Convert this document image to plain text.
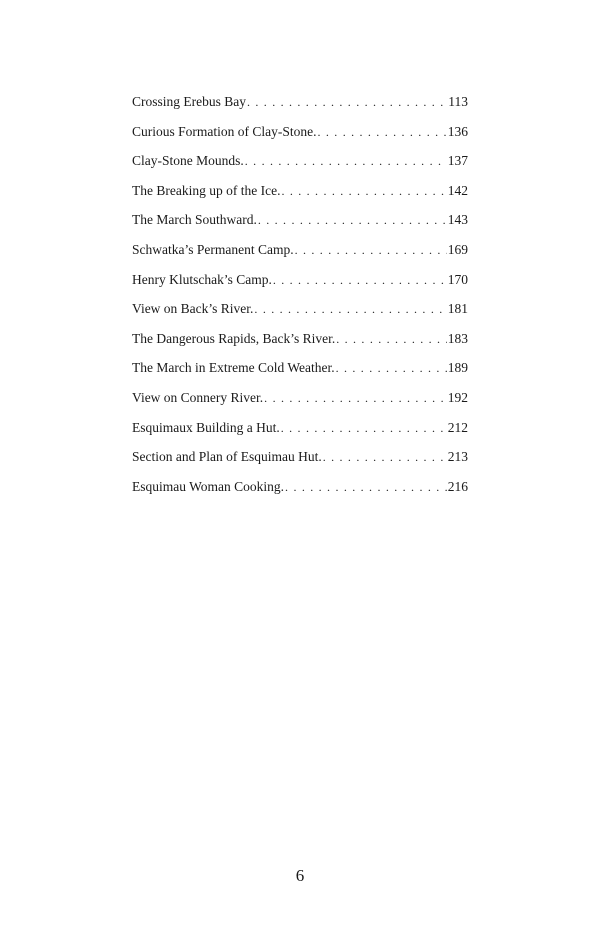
Crossing Erebus Bay . . .	113
Curious Formation of Clay-Stone. . . .	136
Clay-Stone Mounds. . . .	137
The Breaking up of the Ice. . . .	142
The March Southward. . . .	143
Schwatka’s Permanent Camp. . . .	169
Henry Klutschak’s Camp. . . .	170
View on Back’s River. . . .	181
The Dangerous Rapids, Back’s River. . . .	183
The March in Extreme Cold Weather. . . .	189
View on Connery River. . . .	192
Esquimaux Building a Hut. . . .	212
Section and Plan of Esquimau Hut. . . .	213
Esquimau Woman Cooking. . . .	216
6
